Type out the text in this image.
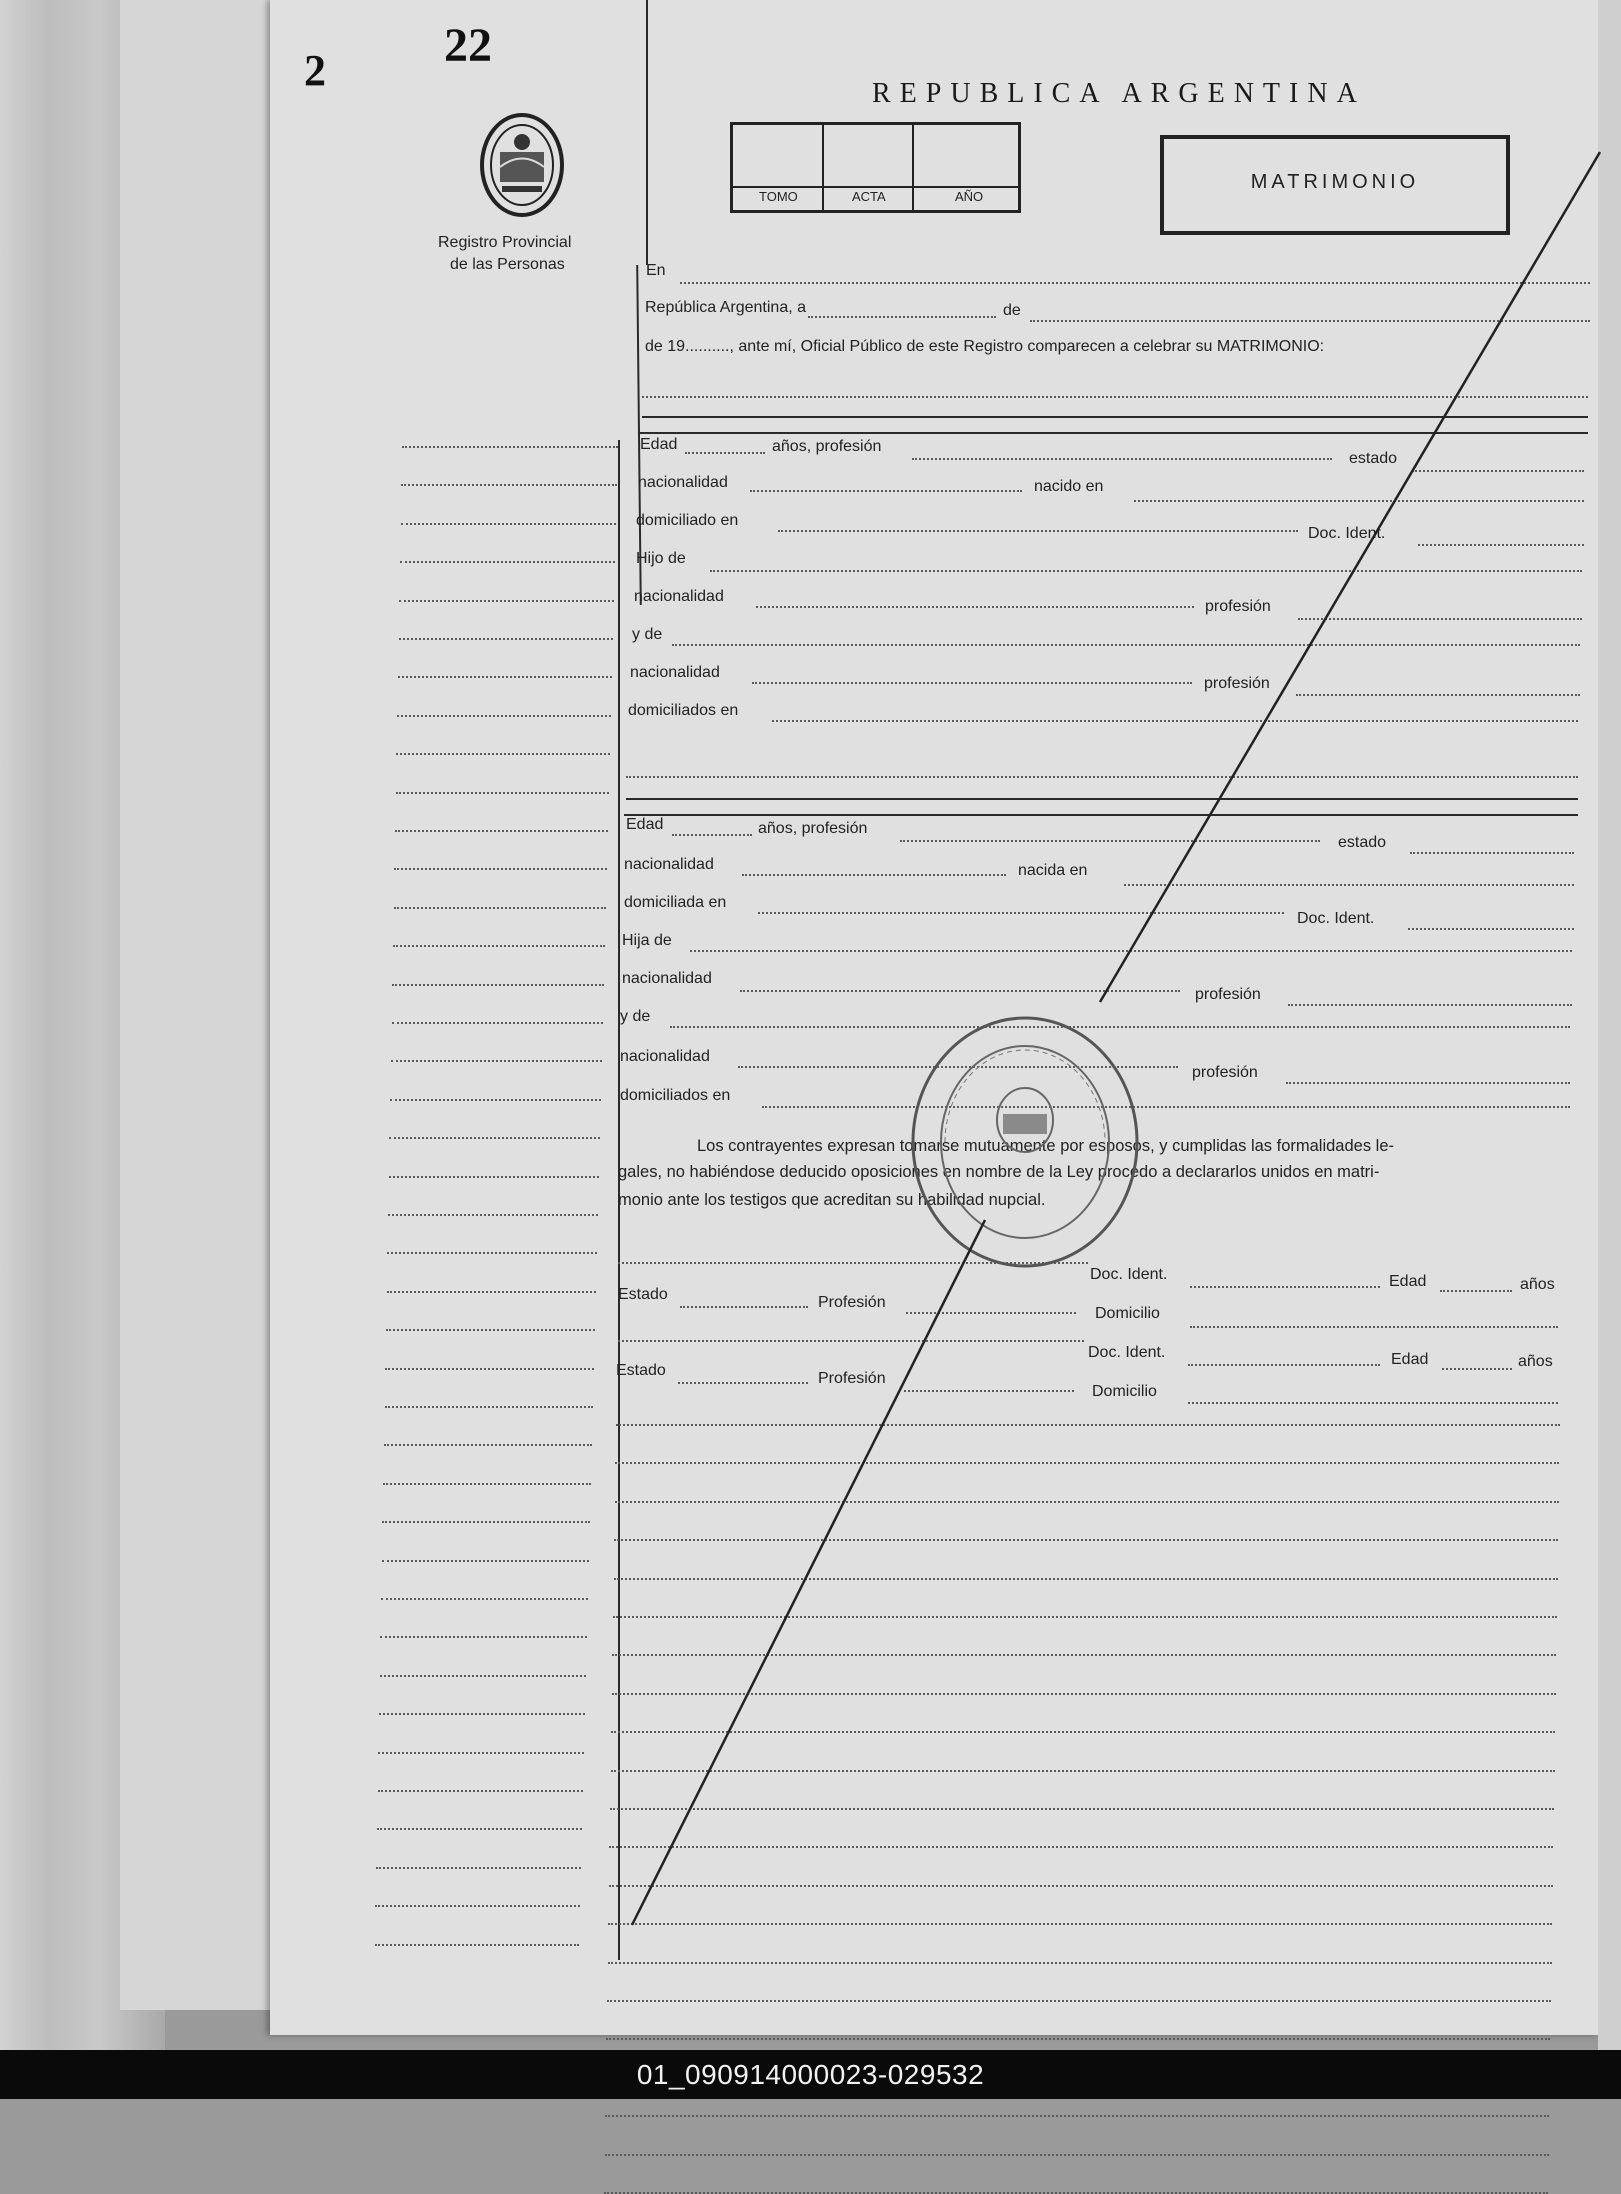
2 22
Registro Provincial
de las Personas
REPUBLICA ARGENTINA
TOMO	ACTA	AÑO
MATRIMONIO
En
República Argentina, a	de
de 19.........., ante mí, Oficial Público de este Registro comparecen a celebrar su MATRIMONIO:
Edad	años, profesión
estado
nacionalidad	nacido en
domiciliado en
Doc. Ident.
Hijo de
nacionalidad
profesión
y de
nacionalidad
profesión
domiciliados en
Edad	años, profesión
estado
nacionalidad	nacida en
domiciliada en
Doc. Ident.
Hija de
nacionalidad
profesión
y de
nacionalidad
profesión
domiciliados en
Los contrayentes expresan tomarse mutuamente por esposos, y cumplidas las formalidades le-
gales, no habiéndose deducido oposiciones en nombre de la Ley procedo a declararlos unidos en matri-
monio ante los testigos que acreditan su habilidad nupcial.
Doc. Ident.	Edad	años
Estado	Profesión
Domicilio
Doc. Ident.	Edad	años
Estado	Profesión
Domicilio
01_090914000023-029532
